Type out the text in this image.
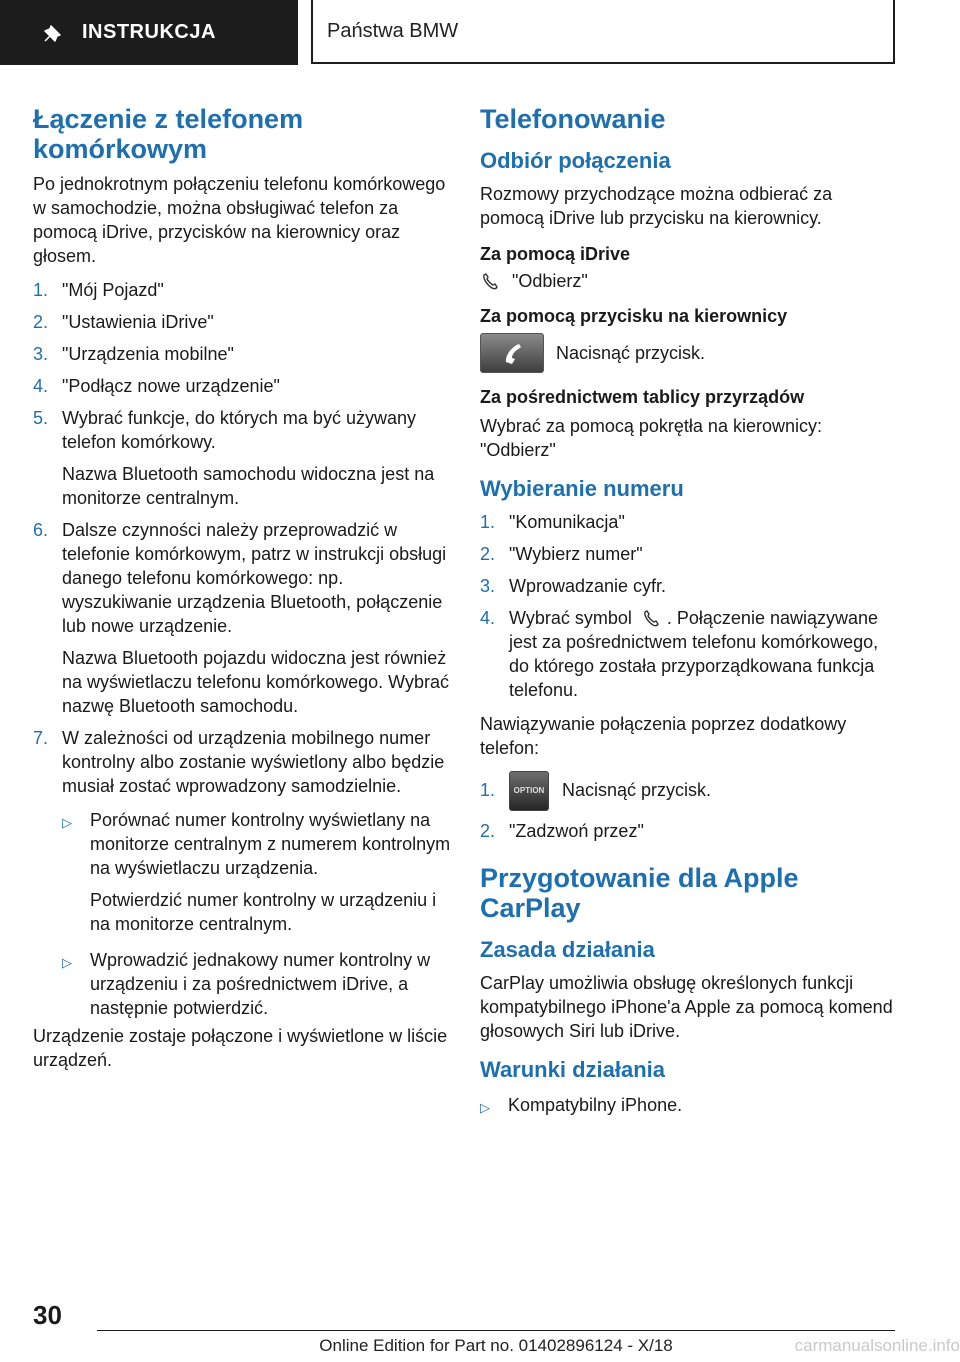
INSTRUKCJA	Państwa BMW
Łączenie z telefonem komórkowym

Po jednokrotnym połączeniu telefonu komórkowego w samochodzie, można obsługiwać telefon za pomocą iDrive, przycisków na kierownicy oraz głosem.

1. "Mój Pojazd"
2. "Ustawienia iDrive"
3. "Urządzenia mobilne"
4. "Podłącz nowe urządzenie"
5. Wybrać funkcje, do których ma być używany telefon komórkowy.

Nazwa Bluetooth samochodu widoczna jest na monitorze centralnym.

6. Dalsze czynności należy przeprowadzić w telefonie komórkowym, patrz w instrukcji obsługi danego telefonu komórkowego: np. wyszukiwanie urządzenia Bluetooth, połączenie lub nowe urządzenie.

Nazwa Bluetooth pojazdu widoczna jest również na wyświetlaczu telefonu komórkowego. Wybrać nazwę Bluetooth samochodu.

7. W zależności od urządzenia mobilnego numer kontrolny albo zostanie wyświetlony albo będzie musiał zostać wprowadzony samodzielnie.
▷ Porównać numer kontrolny wyświetlany na monitorze centralnym z numerem kontrolnym na wyświetlaczu urządzenia.

Potwierdzić numer kontrolny w urządzeniu i na monitorze centralnym.

▷ Wprowadzić jednakowy numer kontrolny w urządzeniu i za pośrednictwem iDrive, a następnie potwierdzić.

Urządzenie zostaje połączone i wyświetlone w liście urządzeń.

Telefonowanie
Odbiór połączenia

Rozmowy przychodzące można odbierać za pomocą iDrive lub przycisku na kierownicy.

Za pomocą iDrive
"Odbierz"
Za pomocą przycisku na kierownicy
Nacisnąć przycisk.
Za pośrednictwem tablicy przyrządów

Wybrać za pomocą pokrętła na kierownicy: "Odbierz"

Wybieranie numeru
1. "Komunikacja"
2. "Wybierz numer"
3. Wprowadzanie cyfr.
4. Wybrać symbol . Połączenie nawiązywane jest za pośrednictwem telefonu komórkowego, do którego została przyporządkowana funkcja telefonu.

Nawiązywanie połączenia poprzez dodatkowy telefon:

1. OPTION Nacisnąć przycisk.
2. "Zadzwoń przez"
Przygotowanie dla Apple CarPlay
Zasada działania

CarPlay umożliwia obsługę określonych funkcji kompatybilnego iPhone'a Apple za pomocą komend głosowych Siri lub iDrive.

Warunki działania
▷ Kompatybilny iPhone.
30
Online Edition for Part no. 01402896124 - X/18	carmanualsonline.info
